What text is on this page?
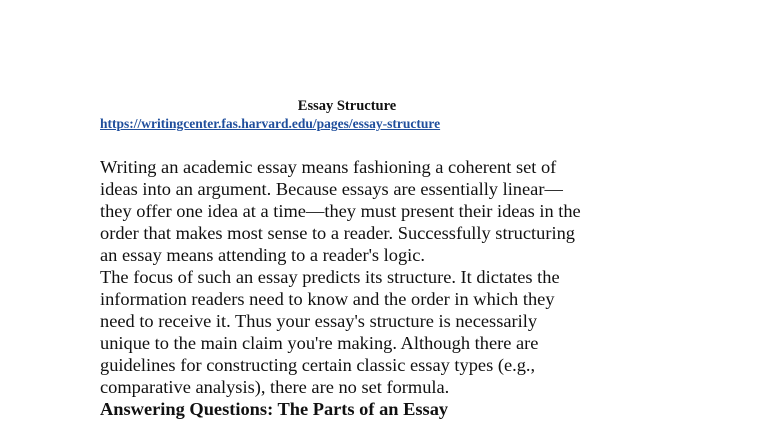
Essay Structure
https://writingcenter.fas.harvard.edu/pages/essay-structure

Writing an academic essay means fashioning a coherent set of ideas into an argument. Because essays are essentially linear—they offer one idea at a time—they must present their ideas in the order that makes most sense to a reader. Successfully structuring an essay means attending to a reader's logic.

The focus of such an essay predicts its structure. It dictates the information readers need to know and the order in which they need to receive it. Thus your essay's structure is necessarily unique to the main claim you're making. Although there are guidelines for constructing certain classic essay types (e.g., comparative analysis), there are no set formula.

Answering Questions: The Parts of an Essay
